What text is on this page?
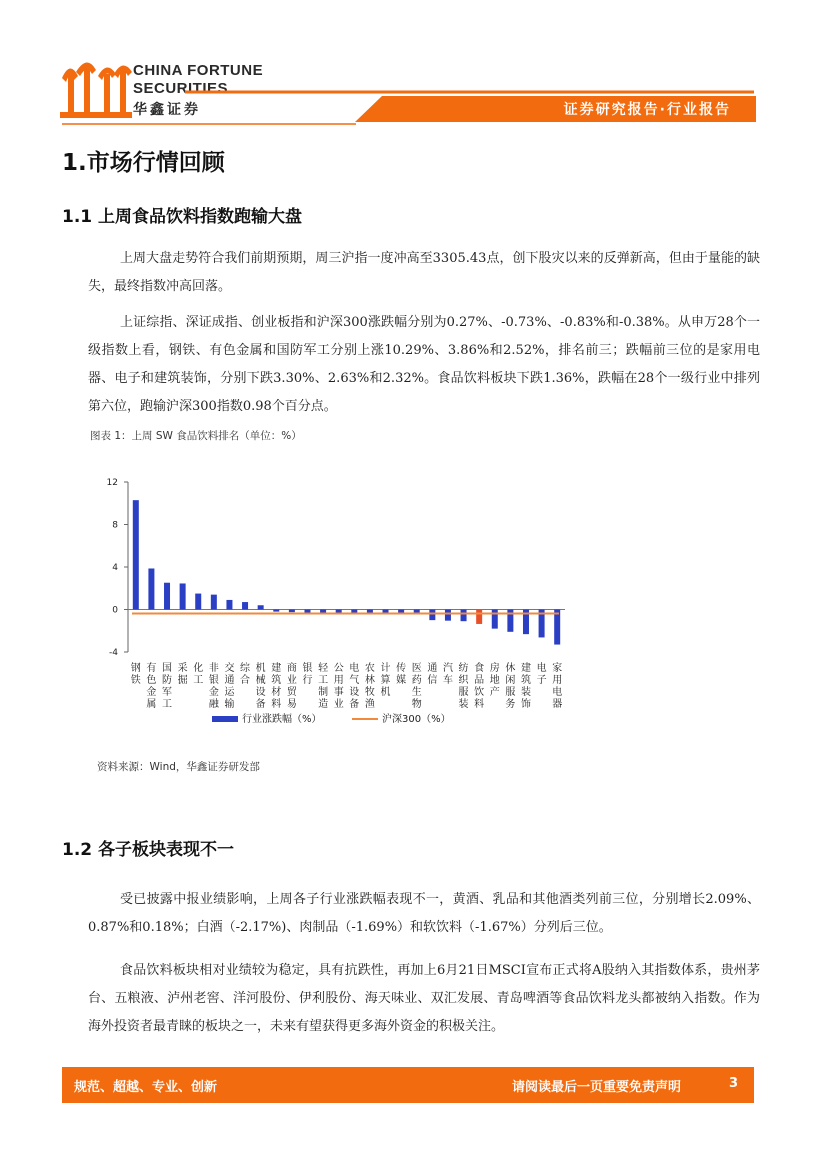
CHINA FORTUNE
SECURITIES
华鑫证券	证券研究报告·行业报告
1.市场行情回顾
1.1 上周食品饮料指数跑输大盘

上周大盘走势符合我们前期预期，周三沪指一度冲高至3305.43点，创下股灾以来的反弹新高，但由于量能的缺失，最终指数冲高回落。

上证综指、深证成指、创业板指和沪深300涨跌幅分别为0.27%、-0.73%、-0.83%和-0.38%。从申万28个一级指数上看，钢铁、有色金属和国防军工分别上涨10.29%、3.86%和2.52%，排名前三；跌幅前三位的是家用电器、电子和建筑装饰，分别下跌3.30%、2.63%和2.32%。食品饮料板块下跌1.36%，跌幅在28个一级行业中排列第六位，跑输沪深300指数0.98个百分点。

图表 1：上周 SW 食品饮料排名（单位：%）
12
8
4
0
-4
钢铁
有色金属
国防军工
采掘
化工
非银金融
交通运输
综合
机械设备
建筑材料
商业贸易
银行
轻工制造
公用事业
电气设备
农林牧渔
计算机
传媒
医药生物
通信
汽车
纺织服装
食品饮料
房地产
休闲服务
建筑装饰
电子
家用电器
行业涨跌幅（%）	沪深300（%）
资料来源：Wind，华鑫证券研发部
1.2 各子板块表现不一

受已披露中报业绩影响，上周各子行业涨跌幅表现不一，黄酒、乳品和其他酒类列前三位，分别增长2.09%、0.87%和0.18%；白酒（-2.17%)、肉制品（-1.69%）和软饮料（-1.67%）分列后三位。

食品饮料板块相对业绩较为稳定，具有抗跌性，再加上6月21日MSCI宣布正式将A股纳入其指数体系，贵州茅台、五粮液、泸州老窖、洋河股份、伊利股份、海天味业、双汇发展、青岛啤酒等食品饮料龙头都被纳入指数。作为海外投资者最青睐的板块之一，未来有望获得更多海外资金的积极关注。

规范、超越、专业、创新	请阅读最后一页重要免责声明	3
